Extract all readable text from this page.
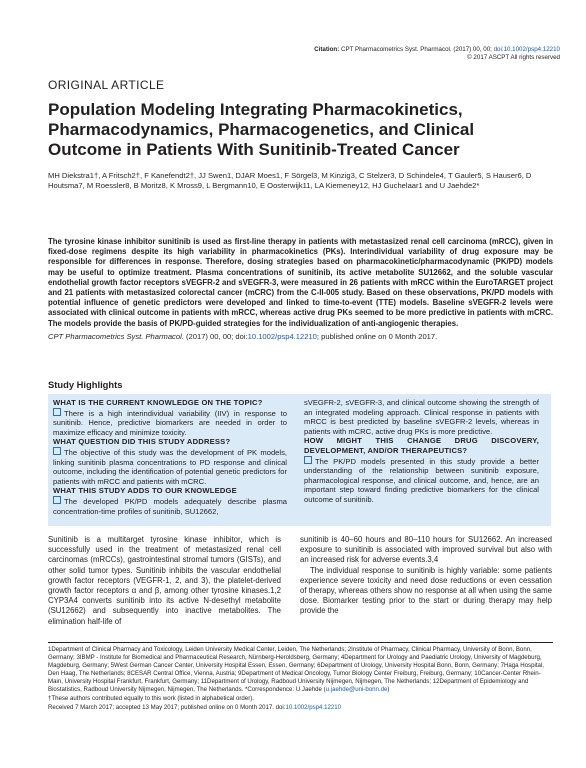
Citation: CPT Pharmacometrics Syst. Pharmacol. (2017) 00, 00; doi:10.1002/psp4.12210
© 2017 ASCPT All rights reserved
ORIGINAL ARTICLE
Population Modeling Integrating Pharmacokinetics, Pharmacodynamics, Pharmacogenetics, and Clinical Outcome in Patients With Sunitinib-Treated Cancer
MH Diekstra1†, A Fritsch2†, F Kanefendt2†, JJ Swen1, DJAR Moes1, F Sörgel3, M Kinzig3, C Stelzer3, D Schindele4, T Gauler5, S Hauser6, D Houtsma7, M Roessler8, B Moritz8, K Mross9, L Bergmann10, E Oosterwijk11, LA Kiemeney12, HJ Guchelaar1 and U Jaehde2*
The tyrosine kinase inhibitor sunitinib is used as first-line therapy in patients with metastasized renal cell carcinoma (mRCC), given in fixed-dose regimens despite its high variability in pharmacokinetics (PKs). Interindividual variability of drug exposure may be responsible for differences in response. Therefore, dosing strategies based on pharmacokinetic/pharmacodynamic (PK/PD) models may be useful to optimize treatment. Plasma concentrations of sunitinib, its active metabolite SU12662, and the soluble vascular endothelial growth factor receptors sVEGFR-2 and sVEGFR-3, were measured in 26 patients with mRCC within the EuroTARGET project and 21 patients with metastasized colorectal cancer (mCRC) from the C-II-005 study. Based on these observations, PK/PD models with potential influence of genetic predictors were developed and linked to time-to-event (TTE) models. Baseline sVEGFR-2 levels were associated with clinical outcome in patients with mRCC, whereas active drug PKs seemed to be more predictive in patients with mCRC. The models provide the basis of PK/PD-guided strategies for the individualization of anti-angiogenic therapies.
CPT Pharmacometrics Syst. Pharmacol. (2017) 00, 00; doi:10.1002/psp4.12210; published online on 0 Month 2017.
Study Highlights
WHAT IS THE CURRENT KNOWLEDGE ON THE TOPIC?
There is a high interindividual variability (IIV) in response to sunitinib. Hence, predictive biomarkers are needed in order to maximize efficacy and minimize toxicity.
WHAT QUESTION DID THIS STUDY ADDRESS?
The objective of this study was the development of PK models, linking sunitinib plasma concentrations to PD response and clinical outcome, including the identification of potential genetic predictors for patients with mRCC and patients with mCRC.
WHAT THIS STUDY ADDS TO OUR KNOWLEDGE
The developed PK/PD models adequately describe plasma concentration-time profiles of sunitinib, SU12662,
sVEGFR-2, sVEGFR-3, and clinical outcome showing the strength of an integrated modeling approach. Clinical response in patients with mRCC is best predicted by baseline sVEGFR-2 levels, whereas in patients with mCRC, active drug PKs is more predictive.
HOW MIGHT THIS CHANGE DRUG DISCOVERY, DEVELOPMENT, AND/OR THERAPEUTICS?
The PK/PD models presented in this study provide a better understanding of the relationship between sunitinib exposure, pharmacological response, and clinical outcome, and, hence, are an important step toward finding predictive biomarkers for the clinical outcome of sunitinib.
Sunitinib is a multitarget tyrosine kinase inhibitor, which is successfully used in the treatment of metastasized renal cell carcinomas (mRCCs), gastrointestinal stromal tumors (GISTs), and other solid tumor types. Sunitinib inhibits the vascular endothelial growth factor receptors (VEGFR-1, 2, and 3), the platelet-derived growth factor receptors α and β, among other tyrosine kinases.1,2 CYP3A4 converts sunitinib into its active N-desethyl metabolite (SU12662) and subsequently into inactive metabolites. The elimination half-life of
sunitinib is 40–60 hours and 80–110 hours for SU12662. An increased exposure to sunitinib is associated with improved survival but also with an increased risk for adverse events.3,4
The individual response to sunitinib is highly variable: some patients experience severe toxicity and need dose reductions or even cessation of therapy, whereas others show no response at all when using the same dose. Biomarker testing prior to the start or during therapy may help provide the
1Department of Clinical Pharmacy and Toxicology, Leiden University Medical Center, Leiden, The Netherlands; 2Institute of Pharmacy, Clinical Pharmacy, University of Bonn, Bonn, Germany; 3IBMP - Institute for Biomedical and Pharmaceutical Research, Nürnberg-Heroldsberg, Germany; 4Department for Urology and Paediatric Urology, University of Magdeburg, Magdeburg, Germany; 5West German Cancer Center, University Hospital Essen, Essen, Germany; 6Department of Urology, University Hospital Bonn, Bonn, Germany; 7Haga Hospital, Den Haag, The Netherlands; 8CESAR Central Office, Vienna, Austria; 9Department of Medical Oncology, Tumor Biology Center Freiburg, Freiburg, Germany; 10Cancer-Center Rhein-Main, University Hospital Frankfurt, Frankfurt, Germany; 11Department of Urology, Radboud University Nijmegen, Nijmegen, The Netherlands; 12Department of Epidemiology and Biostatistics, Radboud University Nijmegen, Nijmegen, The Netherlands. *Correspondence: U Jaehde (u.jaehde@uni-bonn.de)
†These authors contributed equally to this work (listed in alphabetical order).
Received 7 March 2017; accepted 13 May 2017; published online on 0 Month 2017. doi:10.1002/psp4.12210
